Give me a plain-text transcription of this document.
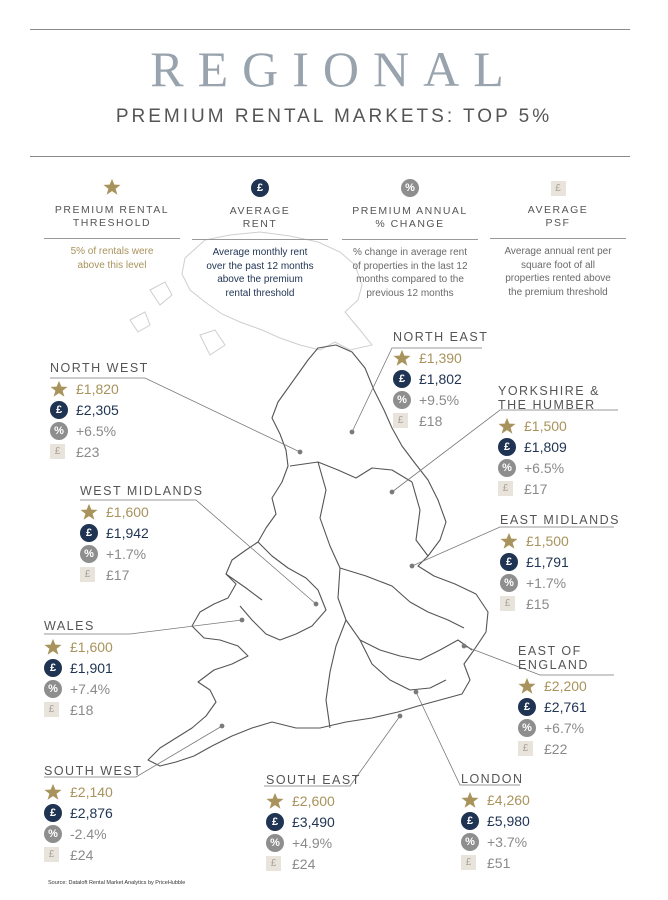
REGIONAL
PREMIUM RENTAL MARKETS: TOP 5%
PREMIUM RENTAL
THRESHOLD
5% of rentals were above this level
£
AVERAGE
RENT
Average monthly rent over the past 12 months above the premium rental threshold
%
PREMIUM ANNUAL
% CHANGE
% change in average rent of properties in the last 12 months compared to the previous 12 months
£
AVERAGE
PSF
Average annual rent per square foot of all properties rented above the premium threshold
NORTH WEST
£1,820
£ £2,305
% +6.5%
£	£23
NORTH EAST
£1,390
£ £1,802
% +9.5%
£	£18
YORKSHIRE &
THE HUMBER
£1,500
£ £1,809
% +6.5%
£	£17
WEST MIDLANDS
£1,600
£ £1,942
% +1.7%
£	£17
EAST MIDLANDS
£1,500
£ £1,791
% +1.7%
£	£15
WALES
£1,600
£ £1,901
% +7.4%
£	£18
EAST OF
ENGLAND
£2,200
£ £2,761
% +6.7%
£	£22
SOUTH WEST
£2,140
£ £2,876
% -2.4%
£	£24
SOUTH EAST
£2,600
£ £3,490
% +4.9%
£	£24
LONDON
£4,260
£ £5,980
% +3.7%
£	£51
Source: Dataloft Rental Market Analytics by PriceHubble
